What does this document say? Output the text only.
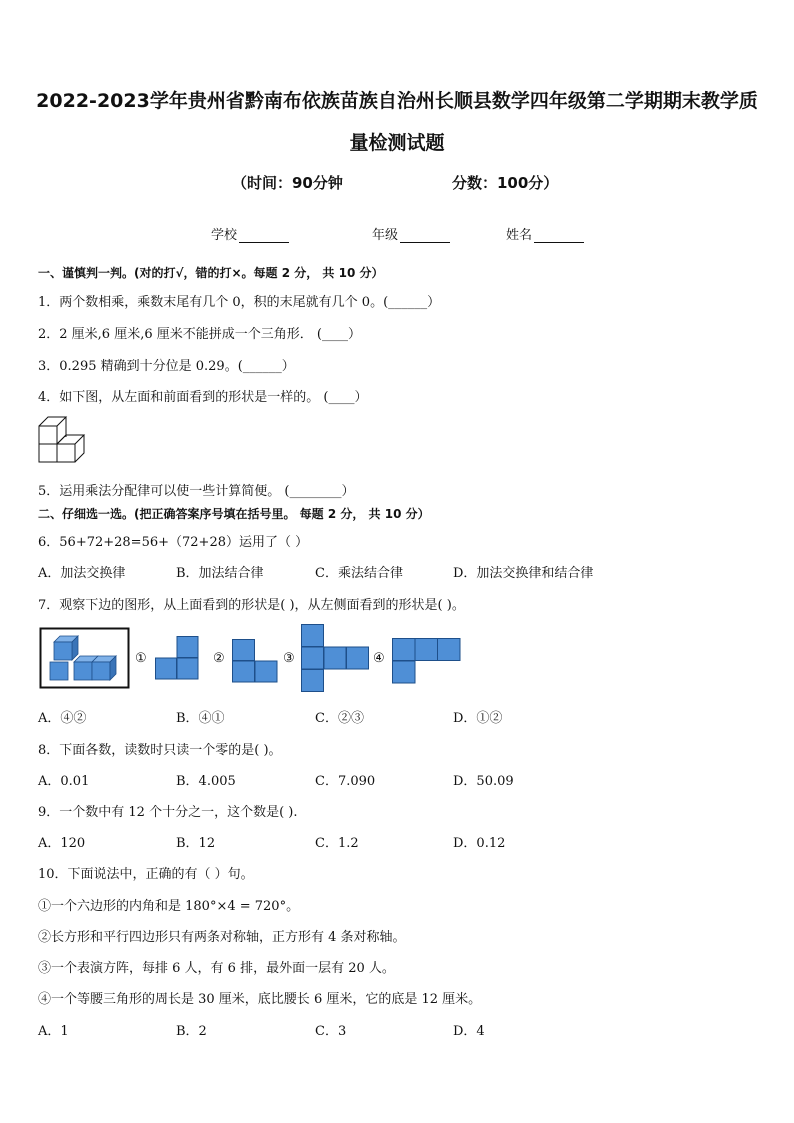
2022-2023学年贵州省黔南布依族苗族自治州长顺县数学四年级第二学期期末教学质
量检测试题
（时间：90分钟	分数：100分）
学校	年级	姓名
一、谨慎判一判。(对的打√，错的打×。每题 2 分， 共 10 分）
1．两个数相乘，乘数末尾有几个 0，积的末尾就有几个 0。(______）
2．2 厘米,6 厘米,6 厘米不能拼成一个三角形． (____）
3．0.295 精确到十分位是 0.29。(______）
4．如下图，从左面和前面看到的形状是一样的。 (____）
5．运用乘法分配律可以使一些计算简便。 (________）
二、仔细选一选。(把正确答案序号填在括号里。 每题 2 分， 共 10 分）
6．56+72+28=56+（72+28）运用了（ ）
A．加法交换律	B．加法结合律	C．乘法结合律	D．加法交换律和结合律
7．观察下边的图形，从上面看到的形状是( )，从左侧面看到的形状是( )。
①	②	③	④
A．④②	B．④①	C．②③	D．①②
8．下面各数，读数时只读一个零的是( )。
A．0.01	B．4.005	C．7.090	D．50.09
9．一个数中有 12 个十分之一，这个数是( ).
A．120	B．12	C．1.2	D．0.12
10．下面说法中，正确的有（ ）句。
①一个六边形的内角和是 180°×4 = 720°。
②长方形和平行四边形只有两条对称轴，正方形有 4 条对称轴。
③一个表演方阵，每排 6 人，有 6 排，最外面一层有 20 人。
④一个等腰三角形的周长是 30 厘米，底比腰长 6 厘米，它的底是 12 厘米。
A．1	B．2	C．3	D．4
